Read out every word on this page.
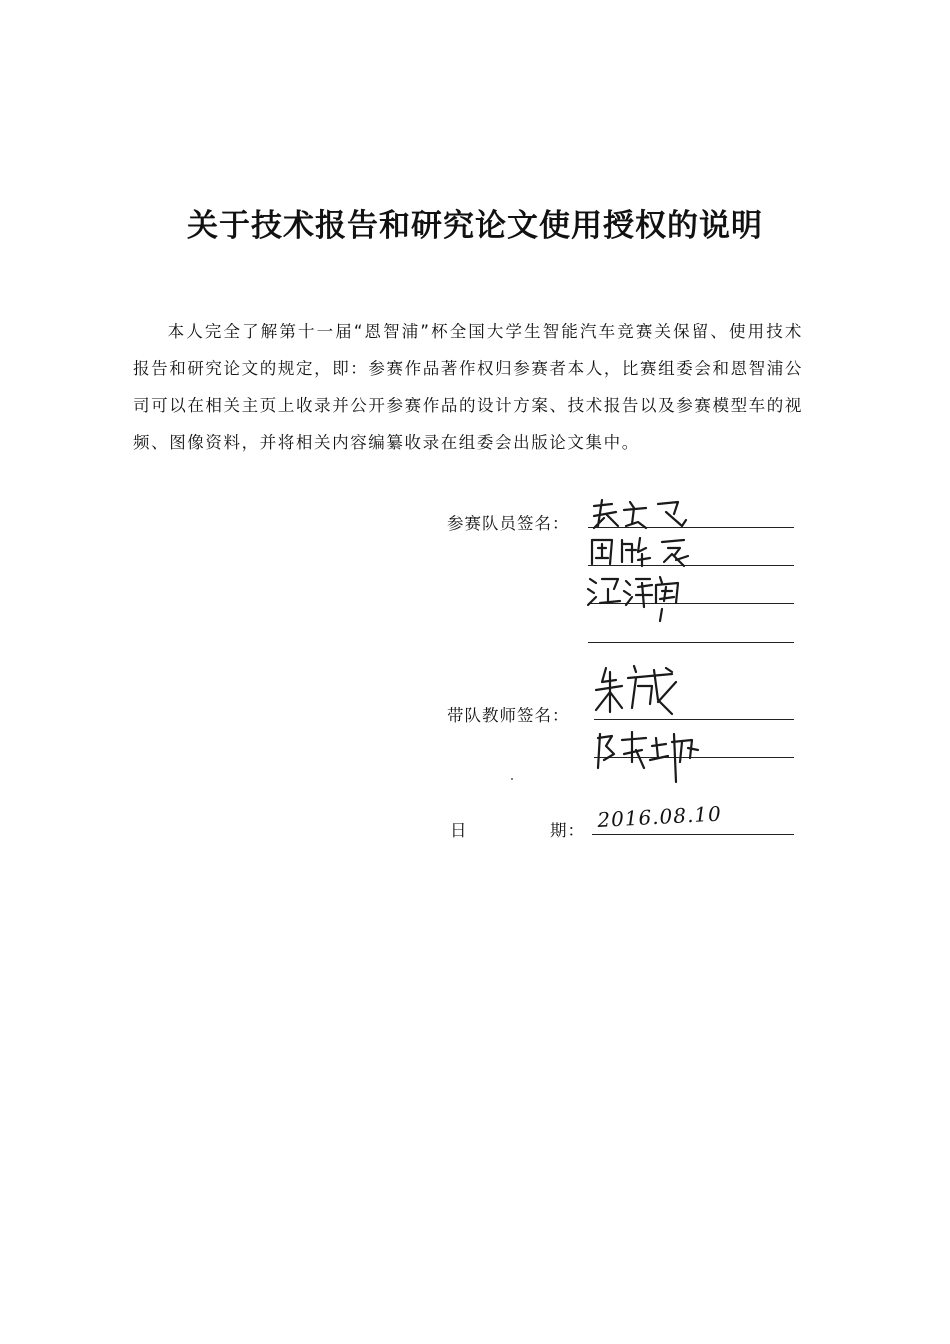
关于技术报告和研究论文使用授权的说明

本人完全了解第十一届“恩智浦”杯全国大学生智能汽车竞赛关保留、使用技术报告和研究论文的规定，即：参赛作品著作权归参赛者本人，比赛组委会和恩智浦公司可以在相关主页上收录并公开参赛作品的设计方案、技术报告以及参赛模型车的视频、图像资料，并将相关内容编纂收录在组委会出版论文集中。

参赛队员签名：
带队教师签名：
日	期： 2016.08.10
